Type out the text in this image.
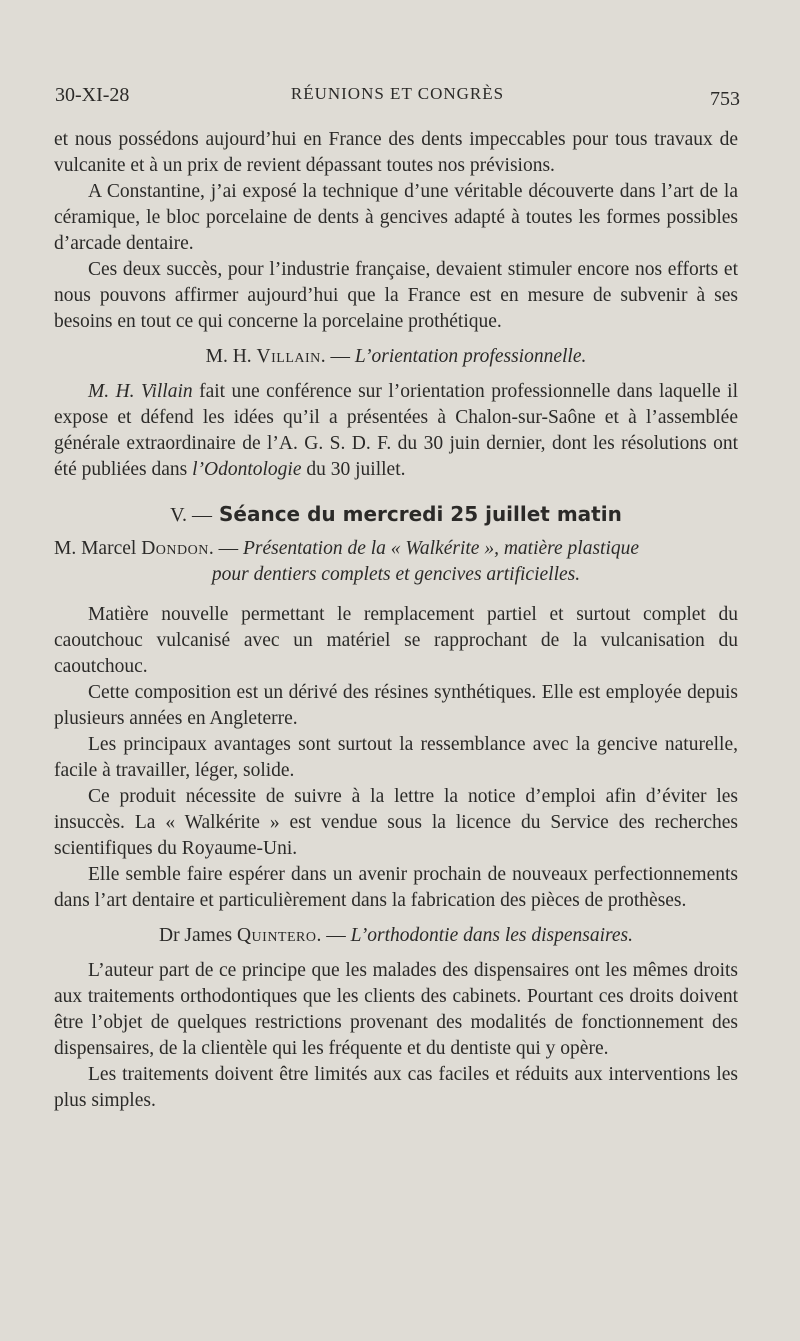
30-XI-28	RÉUNIONS ET CONGRÈS	753

et nous possédons aujourd’hui en France des dents impeccables pour tous travaux de vulcanite et à un prix de revient dépassant toutes nos prévisions.

A Constantine, j’ai exposé la technique d’une véritable découverte dans l’art de la céramique, le bloc porcelaine de dents à gencives adapté à toutes les formes possibles d’arcade dentaire.

Ces deux succès, pour l’industrie française, devaient stimuler encore nos efforts et nous pouvons affirmer aujourd’hui que la France est en mesure de subvenir à ses besoins en tout ce qui concerne la porcelaine prothétique.

M. H. Villain. — L’orientation professionnelle.

M. H. Villain fait une conférence sur l’orientation professionnelle dans laquelle il expose et défend les idées qu’il a présentées à Chalon-sur-Saône et à l’assemblée générale extraordinaire de l’A. G. S. D. F. du 30 juin dernier, dont les résolutions ont été publiées dans l’Odontologie du 30 juillet.

V. — Séance du mercredi 25 juillet matin

M. Marcel Dondon. — Présentation de la « Walkérite », matière plastique
pour dentiers complets et gencives artificielles.

Matière nouvelle permettant le remplacement partiel et surtout complet du caoutchouc vulcanisé avec un matériel se rapprochant de la vulcanisation du caoutchouc.

Cette composition est un dérivé des résines synthétiques. Elle est employée depuis plusieurs années en Angleterre.

Les principaux avantages sont surtout la ressemblance avec la gencive naturelle, facile à travailler, léger, solide.

Ce produit nécessite de suivre à la lettre la notice d’emploi afin d’éviter les insuccès. La « Walkérite » est vendue sous la licence du Service des recherches scientifiques du Royaume-Uni.

Elle semble faire espérer dans un avenir prochain de nouveaux perfectionnements dans l’art dentaire et particulièrement dans la fabrication des pièces de prothèses.

Dr James Quintero. — L’orthodontie dans les dispensaires.

L’auteur part de ce principe que les malades des dispensaires ont les mêmes droits aux traitements orthodontiques que les clients des cabinets. Pourtant ces droits doivent être l’objet de quelques restrictions provenant des modalités de fonctionnement des dispensaires, de la clientèle qui les fréquente et du dentiste qui y opère.

Les traitements doivent être limités aux cas faciles et réduits aux interventions les plus simples.
